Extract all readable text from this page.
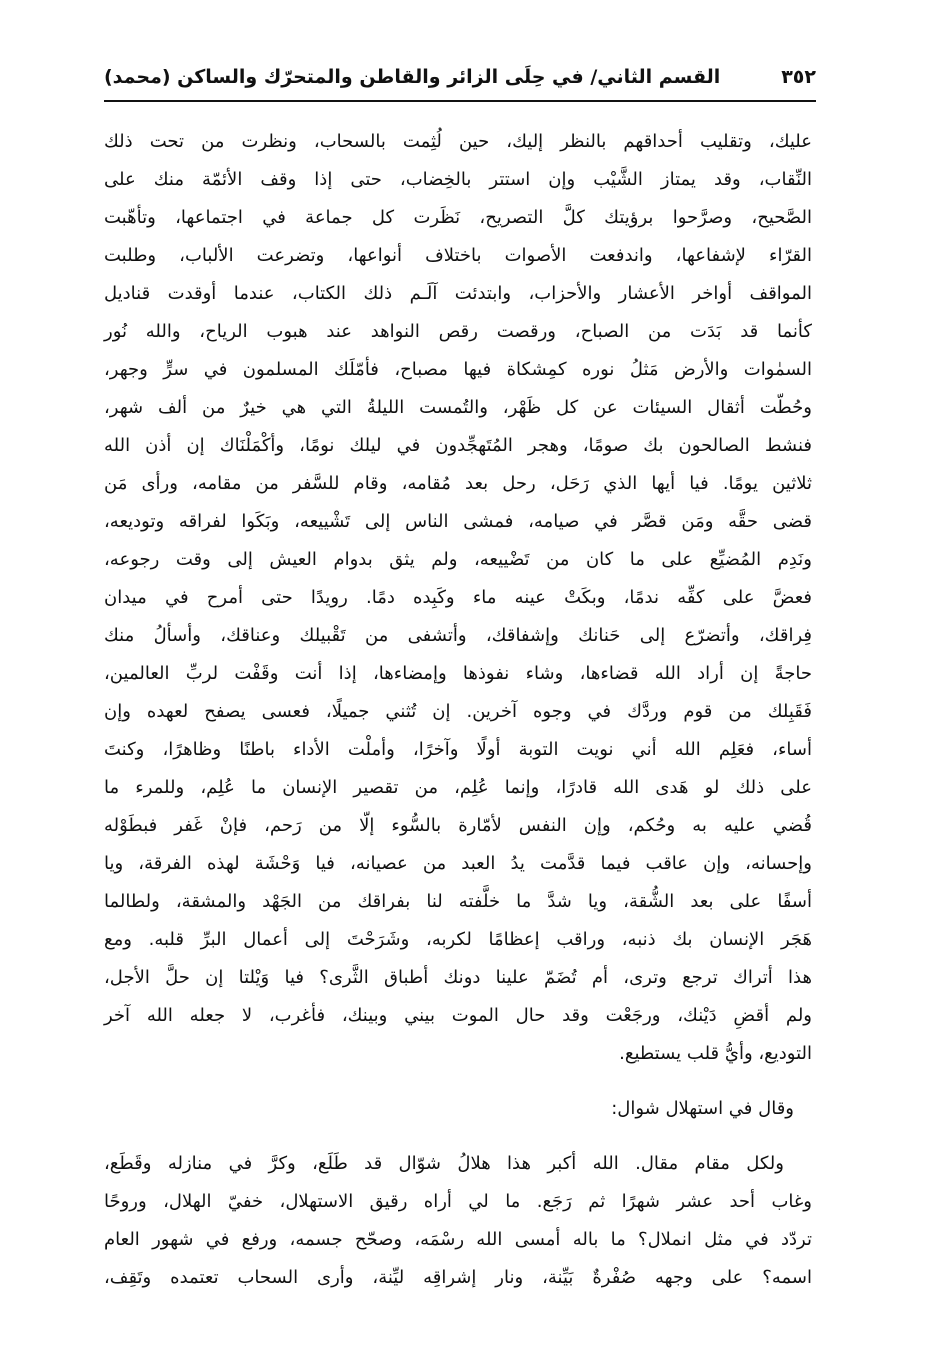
٣٥٢
القسم الثاني/ في حِلَى الزائر والقاطن والمتحرّك والساكن (محمد)
عليك، وتقليب أحداقهم بالنظر إليك، حين لُثِمت بالسحاب، ونظرت من تحت ذلك
النِّقاب، وقد يمتاز الشَّيْب وإن استتر بالخِضاب، حتى إذا وقف الأئمّة منك على
الصَّحيح، وصرَّحوا برؤيتك كلَّ التصريح، نَظَرت كل جماعة في اجتماعها، وتأهّبت
القرّاء لإشفاعها، واندفعت الأصوات باختلاف أنواعها، وتضرعت الألباب، وطلبت
المواقف أواخر الأعشار والأحزاب، وابتدئت آلَـم ذلك الكتاب، عندما أوقدت قناديل
كأنما قد بَدَت من الصباح، ورقصت رقص النواهد عند هبوب الرياح، والله نُور
السمٰوات والأرض مَثلُ نوره كمِشكاة فيها مصباح، فأمّلَك المسلمون في سرٍّ وجهر،
وحُطّت أثقال السيئات عن كل ظَهْر، والتُمست الليلةُ التي هي خيرٌ من ألف شهر،
فنشط الصالحون بك صومًا، وهجر المُتَهجِّدون في ليلك نومًا، وأكْمَلْنَاك إن أذن الله
ثلاثين يومًا. فيا أيها الذي رَحَل، رحل بعد مُقامه، وقام للسَّفر من مقامه، ورأى مَن
قضى حقَّه ومَن قصَّر في صيامه، فمشى الناس إلى تَشْييعه، وبَكَوا لفراقه وتوديعه،
ونَدِم المُضيِّع على ما كان من تَضْييعه، ولم يثق بدوام العيش إلى وقت رجوعه،
فعضَّ على كفِّه ندمًا، وبكَتْ عينه ماء وكَبِده دمًا. رويدًا حتى أمرح في ميدان
فِراقك، وأتضرّع إلى حَنانك وإشفاقك، وأتشفى من تَقْبيلك وعناقك، وأسألُ منك
حاجةً إن أراد الله قضاءها، وشاء نفوذها وإمضاءها، إذا أنت وقَفْت لربِّ العالمين،
فَقَبِلك من قوم وردَّك في وجوه آخرين. إن تُثني جميلًا، فعسى يصفح لعهده وإن
أساء، فعَلِم الله أني نويت التوبة أولًا وآخرًا، وأملْت الأداء باطنًا وظاهرًا، وكنتَ
على ذلك لو هَدى الله قادرًا، وإنما عُلِم، من تقصير الإنسان ما عُلِم، وللمرء ما
قُضي عليه به وحُكم، وإن النفس لأمّارة بالسُّوء إلّا من رَحم، فإنْ غَفر فبطَوْله
وإحسانه، وإن عاقب فيما قدَّمت يدُ العبد من عصيانه، فيا وَحْشَة لهذه الفرقة، ويا
أسفًا على بعد الشُّقة، ويا شدَّ ما خلَّفته لنا بفراقك من الجَهْد والمشقة، ولطالما
هَجَر الإنسان بك ذنبه، وراقب إعظامًا لكربه، وشَرَحْتَ إلى أعمال البرِّ قلبه. ومع
هذا أتراك ترجع وترى، أم تُضَمّ علينا دونك أطباق الثَّرى؟ فيا وَيْلتا إن حلَّ الأجل،
ولم أقضِ دَيْنك، ورجَعْت وقد حال الموت بيني وبينك، فأغرب، لا جعله الله آخر
التوديع، وأيُّ قلب يستطيع.
وقال في استهلال شوال:
ولكل مقام مقال. الله أكبر هذا هلالُ شوّال قد طَلَع، وكرَّ في منازله وقَطَع،
وغاب أحد عشر شهرًا ثم رَجَع. ما لي أراه رقيق الاستهلال، خفيّ الهلال، وروحًا
تردّد في مثل انملال؟ ما باله أمسى الله رسْمَه، وصحّح جسمه، ورفع في شهور العام
اسمه؟ على وجهه صُفْرةٌ بَيِّنة، ونار إشراقِه ليِّنة، وأرى السحاب تعتمده وتَقِف،
